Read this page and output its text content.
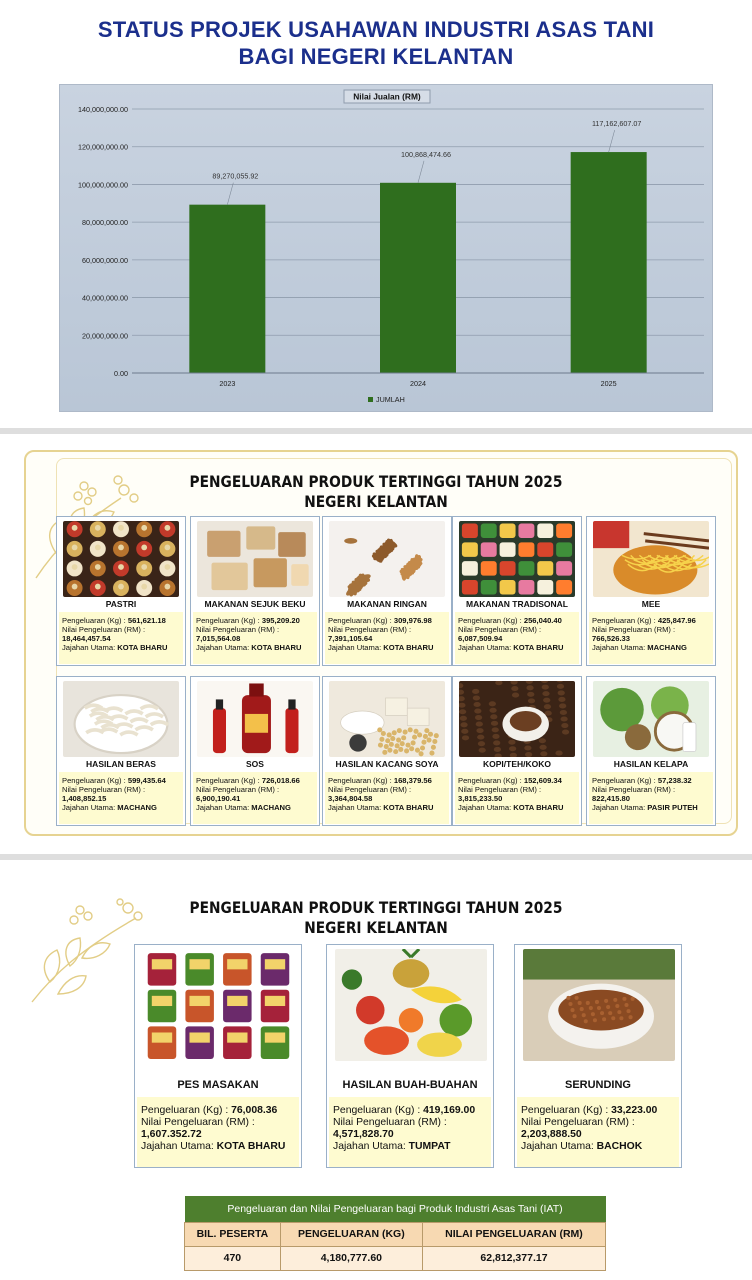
STATUS PROJEK USAHAWAN INDUSTRI ASAS TANI
BAGI NEGERI KELANTAN
0.00
20,000,000.00
40,000,000.00
60,000,000.00
80,000,000.00
100,000,000.00
120,000,000.00
140,000,000.00
Nilai Jualan (RM)
89,270,055.92
2023
100,868,474.66
2024
117,162,607.07
2025
JUMLAH
PENGELUARAN PRODUK TERTINGGI TAHUN 2025
NEGERI KELANTAN
PASTRI
Pengeluaran (Kg) : 561,621.18
Nilai Pengeluaran (RM) :
18,464,457.54
Jajahan Utama: KOTA BHARU
MAKANAN SEJUK BEKU
Pengeluaran (Kg) : 395,209.20
Nilai Pengeluaran (RM) :
7,015,564.08
Jajahan Utama: KOTA BHARU
MAKANAN RINGAN
Pengeluaran (Kg) : 309,976.98
Nilai Pengeluaran (RM) :
7,391,105.64
Jajahan Utama: KOTA BHARU
MAKANAN TRADISONAL
Pengeluaran (Kg) : 256,040.40
Nilai Pengeluaran (RM) :
6,087,509.94
Jajahan Utama: KOTA BHARU
MEE
Pengeluaran (Kg) : 425,847.96
Nilai Pengeluaran (RM) :
766,526.33
Jajahan Utama: MACHANG
HASILAN BERAS
Pengeluaran (Kg) : 599,435.64
Nilai Pengeluaran (RM) :
1,408,852.15
Jajahan Utama: MACHANG
SOS
Pengeluaran (Kg) : 726,018.66
Nilai Pengeluaran (RM) :
6,900,190.41
Jajahan Utama: MACHANG
HASILAN KACANG SOYA
Pengeluaran (Kg) : 168,379.56
Nilai Pengeluaran (RM) :
3,364,804.58
Jajahan Utama: KOTA BHARU
KOPI/TEH/KOKO
Pengeluaran (Kg) : 152,609.34
Nilai Pengeluaran (RM) :
3,815,233.50
Jajahan Utama: KOTA BHARU
HASILAN KELAPA
Pengeluaran (Kg) : 57,238.32
Nilai Pengeluaran (RM) :
822,415.80
Jajahan Utama: PASIR PUTEH
PENGELUARAN PRODUK TERTINGGI TAHUN 2025
NEGERI KELANTAN
PES MASAKAN
Pengeluaran (Kg) : 76,008.36
Nilai Pengeluaran (RM) :
1,607.352.72
Jajahan Utama: KOTA BHARU
HASILAN BUAH-BUAHAN
Pengeluaran (Kg) : 419,169.00
Nilai Pengeluaran (RM) :
4,571,828.70
Jajahan Utama: TUMPAT
SERUNDING
Pengeluaran (Kg) : 33,223.00
Nilai Pengeluaran (RM) :
2,203,888.50
Jajahan Utama: BACHOK
Pengeluaran dan Nilai Pengeluaran bagi Produk Industri Asas Tani (IAT)		
BIL. PESERTA	PENGELUARAN (KG)	NILAI PENGELUARAN (RM)
470	4,180,777.60	62,812,377.17
